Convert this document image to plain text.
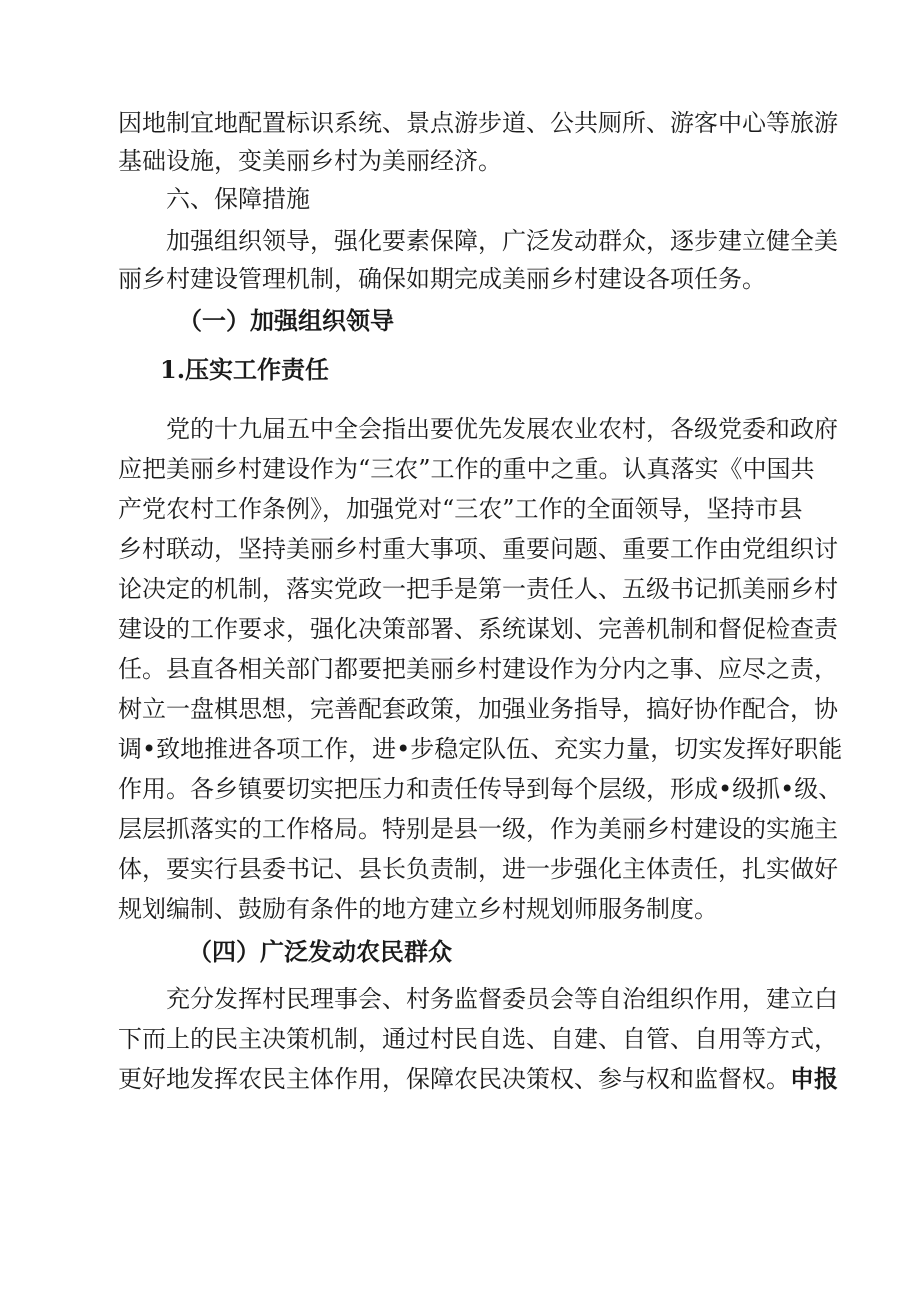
因地制宜地配置标识系统、景点游步道、公共厕所、游客中心等旅游
基础设施，变美丽乡村为美丽经济。
六、保障措施
加强组织领导，强化要素保障，广泛发动群众，逐步建立健全美
丽乡村建设管理机制，确保如期完成美丽乡村建设各项任务。
（一）加强组织领导
1.压实工作责任
党的十九届五中全会指出要优先发展农业农村，各级党委和政府
应把美丽乡村建设作为“三农”工作的重中之重。认真落实《中国共
产党农村工作条例》，加强党对“三农”工作的全面领导，坚持市县
乡村联动，坚持美丽乡村重大事项、重要问题、重要工作由党组织讨
论决定的机制，落实党政一把手是第一责任人、五级书记抓美丽乡村
建设的工作要求，强化决策部署、系统谋划、完善机制和督促检查责
任。县直各相关部门都要把美丽乡村建设作为分内之事、应尽之责，
树立一盘棋思想，完善配套政策，加强业务指导，搞好协作配合，协
调•致地推进各项工作，进•步稳定队伍、充实力量，切实发挥好职能
作用。各乡镇要切实把压力和责任传导到每个层级，形成•级抓•级、
层层抓落实的工作格局。特别是县一级，作为美丽乡村建设的实施主
体，要实行县委书记、县长负责制，进一步强化主体责任，扎实做好
规划编制、鼓励有条件的地方建立乡村规划师服务制度。
（四）广泛发动农民群众
充分发挥村民理事会、村务监督委员会等自治组织作用，建立白
下而上的民主决策机制，通过村民自选、自建、自管、自用等方式，
更好地发挥农民主体作用，保障农民决策权、参与权和监督权。申报
